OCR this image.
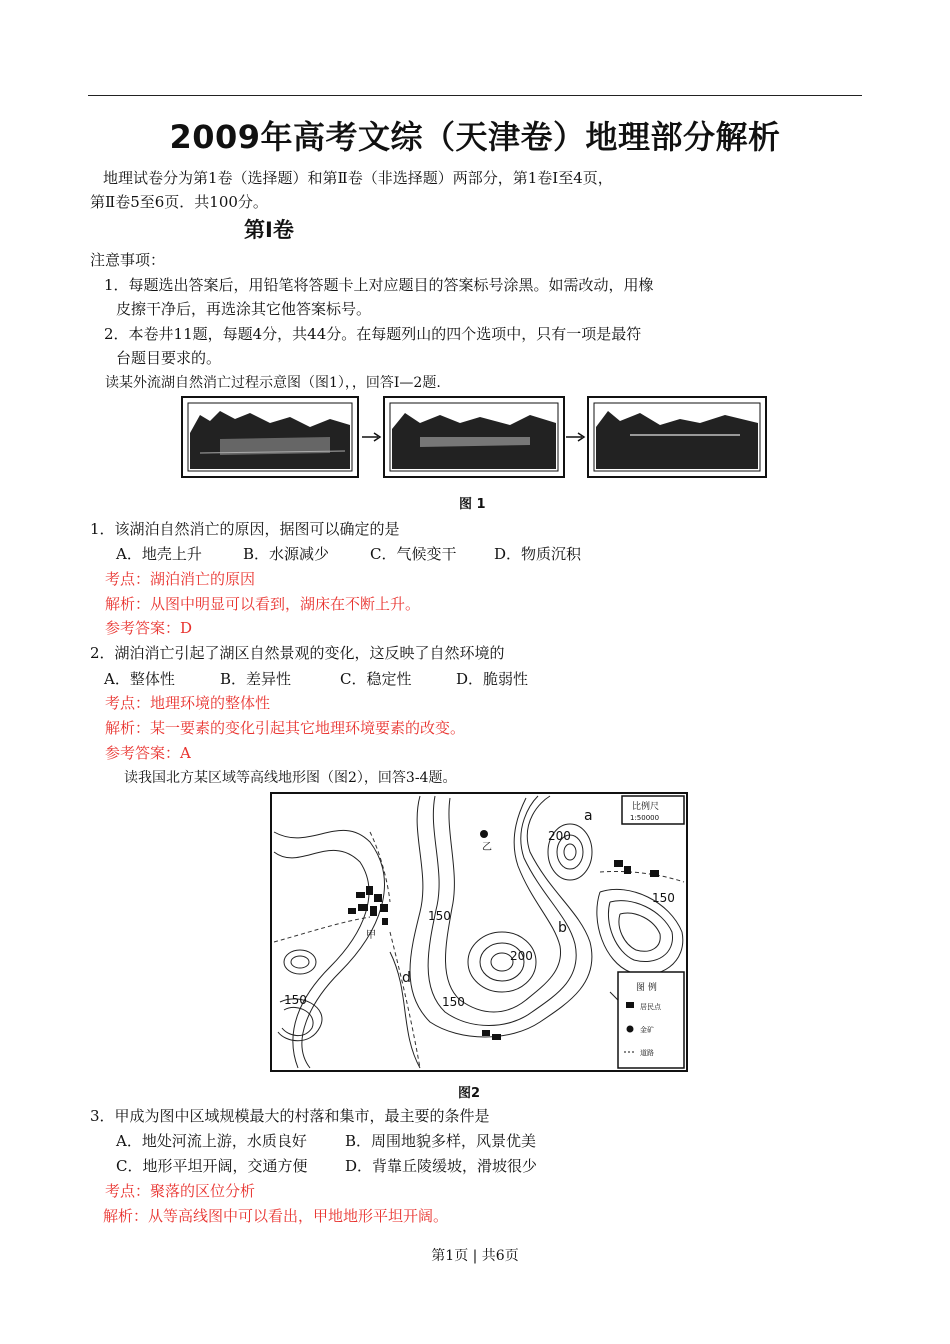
2009年高考文综（天津卷）地理部分解析
地理试卷分为第1卷（选择题）和第Ⅱ卷（非选择题）两部分，第1卷Ⅰ至4页，
第Ⅱ卷5至6页．共100分。
第Ⅰ卷
注意事项：
1．每题选出答案后，用铅笔将答题卡上对应题目的答案标号涂黑。如需改动，用橡
皮擦干净后，再选涂其它他答案标号。
2．本卷井11题，每题4分，共44分。在每题列山的四个选项中，只有一项是最符
台题目要求的。
读某外流湖自然消亡过程示意图（图1），，回答Ⅰ—2题.
图 1
1．该湖泊自然消亡的原因，据图可以确定的是
A．地壳上升	B．水源减少	C．气候变干	D．物质沉积
考点：湖泊消亡的原因
解析：从图中明显可以看到，湖床在不断上升。
参考答案：D
2．湖泊消亡引起了湖区自然景观的变化，这反映了自然环境的
A．整体性	B．差异性	C．稳定性	D．脆弱性
考点：地理环境的整体性
解析：某一要素的变化引起其它地理环境要素的改变。
参考答案：A
读我国北方某区域等高线地形图（图2），回答3-4题。
200
150
200
150
150
150
a
b
d
甲
乙
比例尺
1:50000
图 例
居民点
金矿
道路
图2
3．甲成为图中区域规模最大的村落和集市，最主要的条件是
A．地处河流上游，水质良好	B．周围地貌多样，风景优美
C．地形平坦开阔，交通方便	D．背靠丘陵缓坡，滑坡很少
考点：聚落的区位分析
解析：从等高线图中可以看出，甲地地形平坦开阔。
第1页 | 共6页
